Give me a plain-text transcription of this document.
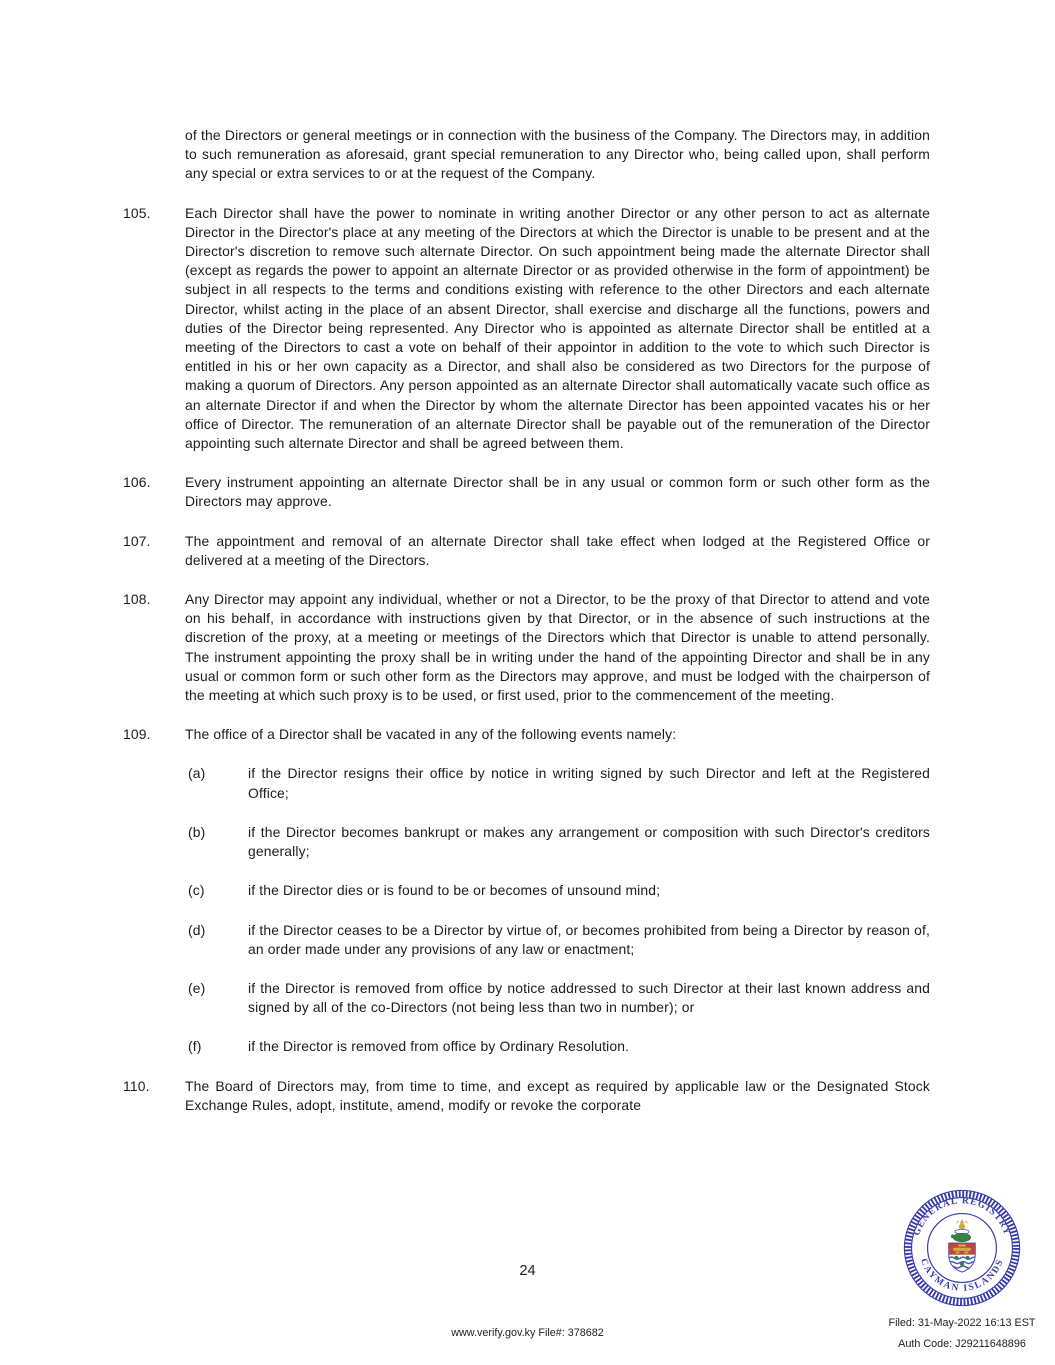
of the Directors or general meetings or in connection with the business of the Company. The Directors may, in addition to such remuneration as aforesaid, grant special remuneration to any Director who, being called upon, shall perform any special or extra services to or at the request of the Company.

105.	Each Director shall have the power to nominate in writing another Director or any other person to act as alternate Director in the Director's place at any meeting of the Directors at which the Director is unable to be present and at the Director's discretion to remove such alternate Director. On such appointment being made the alternate Director shall (except as regards the power to appoint an alternate Director or as provided otherwise in the form of appointment) be subject in all respects to the terms and conditions existing with reference to the other Directors and each alternate Director, whilst acting in the place of an absent Director, shall exercise and discharge all the functions, powers and duties of the Director being represented. Any Director who is appointed as alternate Director shall be entitled at a meeting of the Directors to cast a vote on behalf of their appointor in addition to the vote to which such Director is entitled in his or her own capacity as a Director, and shall also be considered as two Directors for the purpose of making a quorum of Directors. Any person appointed as an alternate Director shall automatically vacate such office as an alternate Director if and when the Director by whom the alternate Director has been appointed vacates his or her office of Director. The remuneration of an alternate Director shall be payable out of the remuneration of the Director appointing such alternate Director and shall be agreed between them.
106.	Every instrument appointing an alternate Director shall be in any usual or common form or such other form as the Directors may approve.
107.	The appointment and removal of an alternate Director shall take effect when lodged at the Registered Office or delivered at a meeting of the Directors.
108.	Any Director may appoint any individual, whether or not a Director, to be the proxy of that Director to attend and vote on his behalf, in accordance with instructions given by that Director, or in the absence of such instructions at the discretion of the proxy, at a meeting or meetings of the Directors which that Director is unable to attend personally. The instrument appointing the proxy shall be in writing under the hand of the appointing Director and shall be in any usual or common form or such other form as the Directors may approve, and must be lodged with the chairperson of the meeting at which such proxy is to be used, or first used, prior to the commencement of the meeting.
109.	The office of a Director shall be vacated in any of the following events namely:
(a)	if the Director resigns their office by notice in writing signed by such Director and left at the Registered Office;
(b)	if the Director becomes bankrupt or makes any arrangement or composition with such Director's creditors generally;
(c)	if the Director dies or is found to be or becomes of unsound mind;
(d)	if the Director ceases to be a Director by virtue of, or becomes prohibited from being a Director by reason of, an order made under any provisions of any law or enactment;
(e)	if the Director is removed from office by notice addressed to such Director at their last known address and signed by all of the co-Directors (not being less than two in number); or
(f)	if the Director is removed from office by Ordinary Resolution.
110.	The Board of Directors may, from time to time, and except as required by applicable law or the Designated Stock Exchange Rules, adopt, institute, amend, modify or revoke the corporate
24
GENERAL REGISTRY
CAYMAN ISLANDS
Filed: 31-May-2022 16:13 EST
Auth Code: J29211648896
www.verify.gov.ky File#: 378682
